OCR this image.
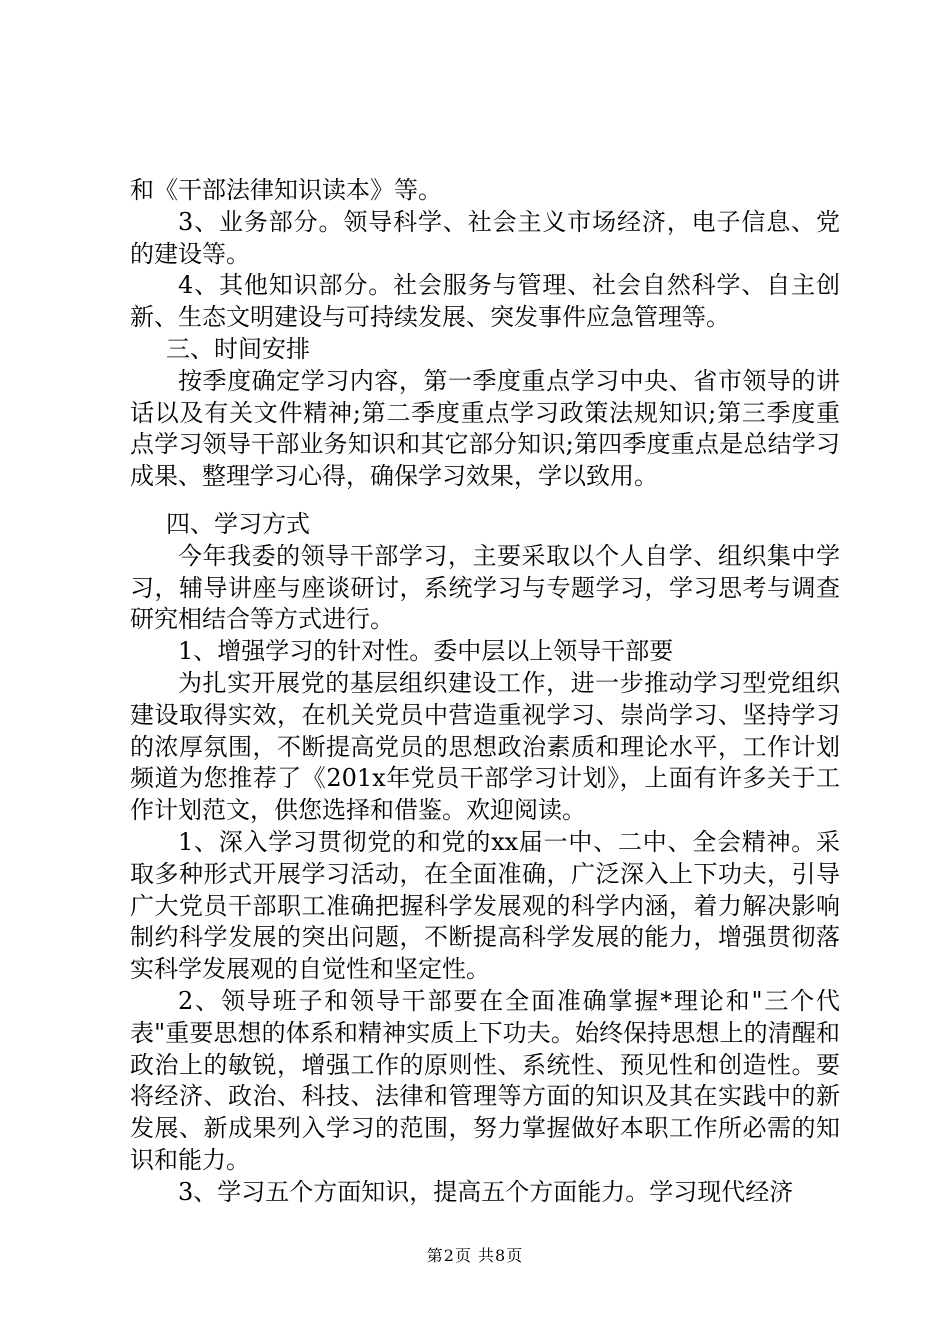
和《干部法律知识读本》等。

3、业务部分。领导科学、社会主义市场经济，电子信息、党的建设等。

4、其他知识部分。社会服务与管理、社会自然科学、自主创新、生态文明建设与可持续发展、突发事件应急管理等。

三、时间安排

按季度确定学习内容，第一季度重点学习中央、省市领导的讲话以及有关文件精神;第二季度重点学习政策法规知识;第三季度重点学习领导干部业务知识和其它部分知识;第四季度重点是总结学习成果、整理学习心得，确保学习效果，学以致用。

四、学习方式

今年我委的领导干部学习，主要采取以个人自学、组织集中学习，辅导讲座与座谈研讨，系统学习与专题学习，学习思考与调查研究相结合等方式进行。

1、增强学习的针对性。委中层以上领导干部要

为扎实开展党的基层组织建设工作，进一步推动学习型党组织建设取得实效，在机关党员中营造重视学习、崇尚学习、坚持学习的浓厚氛围，不断提高党员的思想政治素质和理论水平，工作计划频道为您推荐了《201x年党员干部学习计划》，上面有许多关于工作计划范文，供您选择和借鉴。欢迎阅读。

1、深入学习贯彻党的和党的xx届一中、二中、全会精神。采取多种形式开展学习活动，在全面准确，广泛深入上下功夫，引导广大党员干部职工准确把握科学发展观的科学内涵，着力解决影响制约科学发展的突出问题，不断提高科学发展的能力，增强贯彻落实科学发展观的自觉性和坚定性。

2、领导班子和领导干部要在全面准确掌握*理论和"三个代表"重要思想的体系和精神实质上下功夫。始终保持思想上的清醒和政治上的敏锐，增强工作的原则性、系统性、预见性和创造性。要将经济、政治、科技、法律和管理等方面的知识及其在实践中的新发展、新成果列入学习的范围，努力掌握做好本职工作所必需的知识和能力。

3、学习五个方面知识，提高五个方面能力。学习现代经济

第2页 共8页
